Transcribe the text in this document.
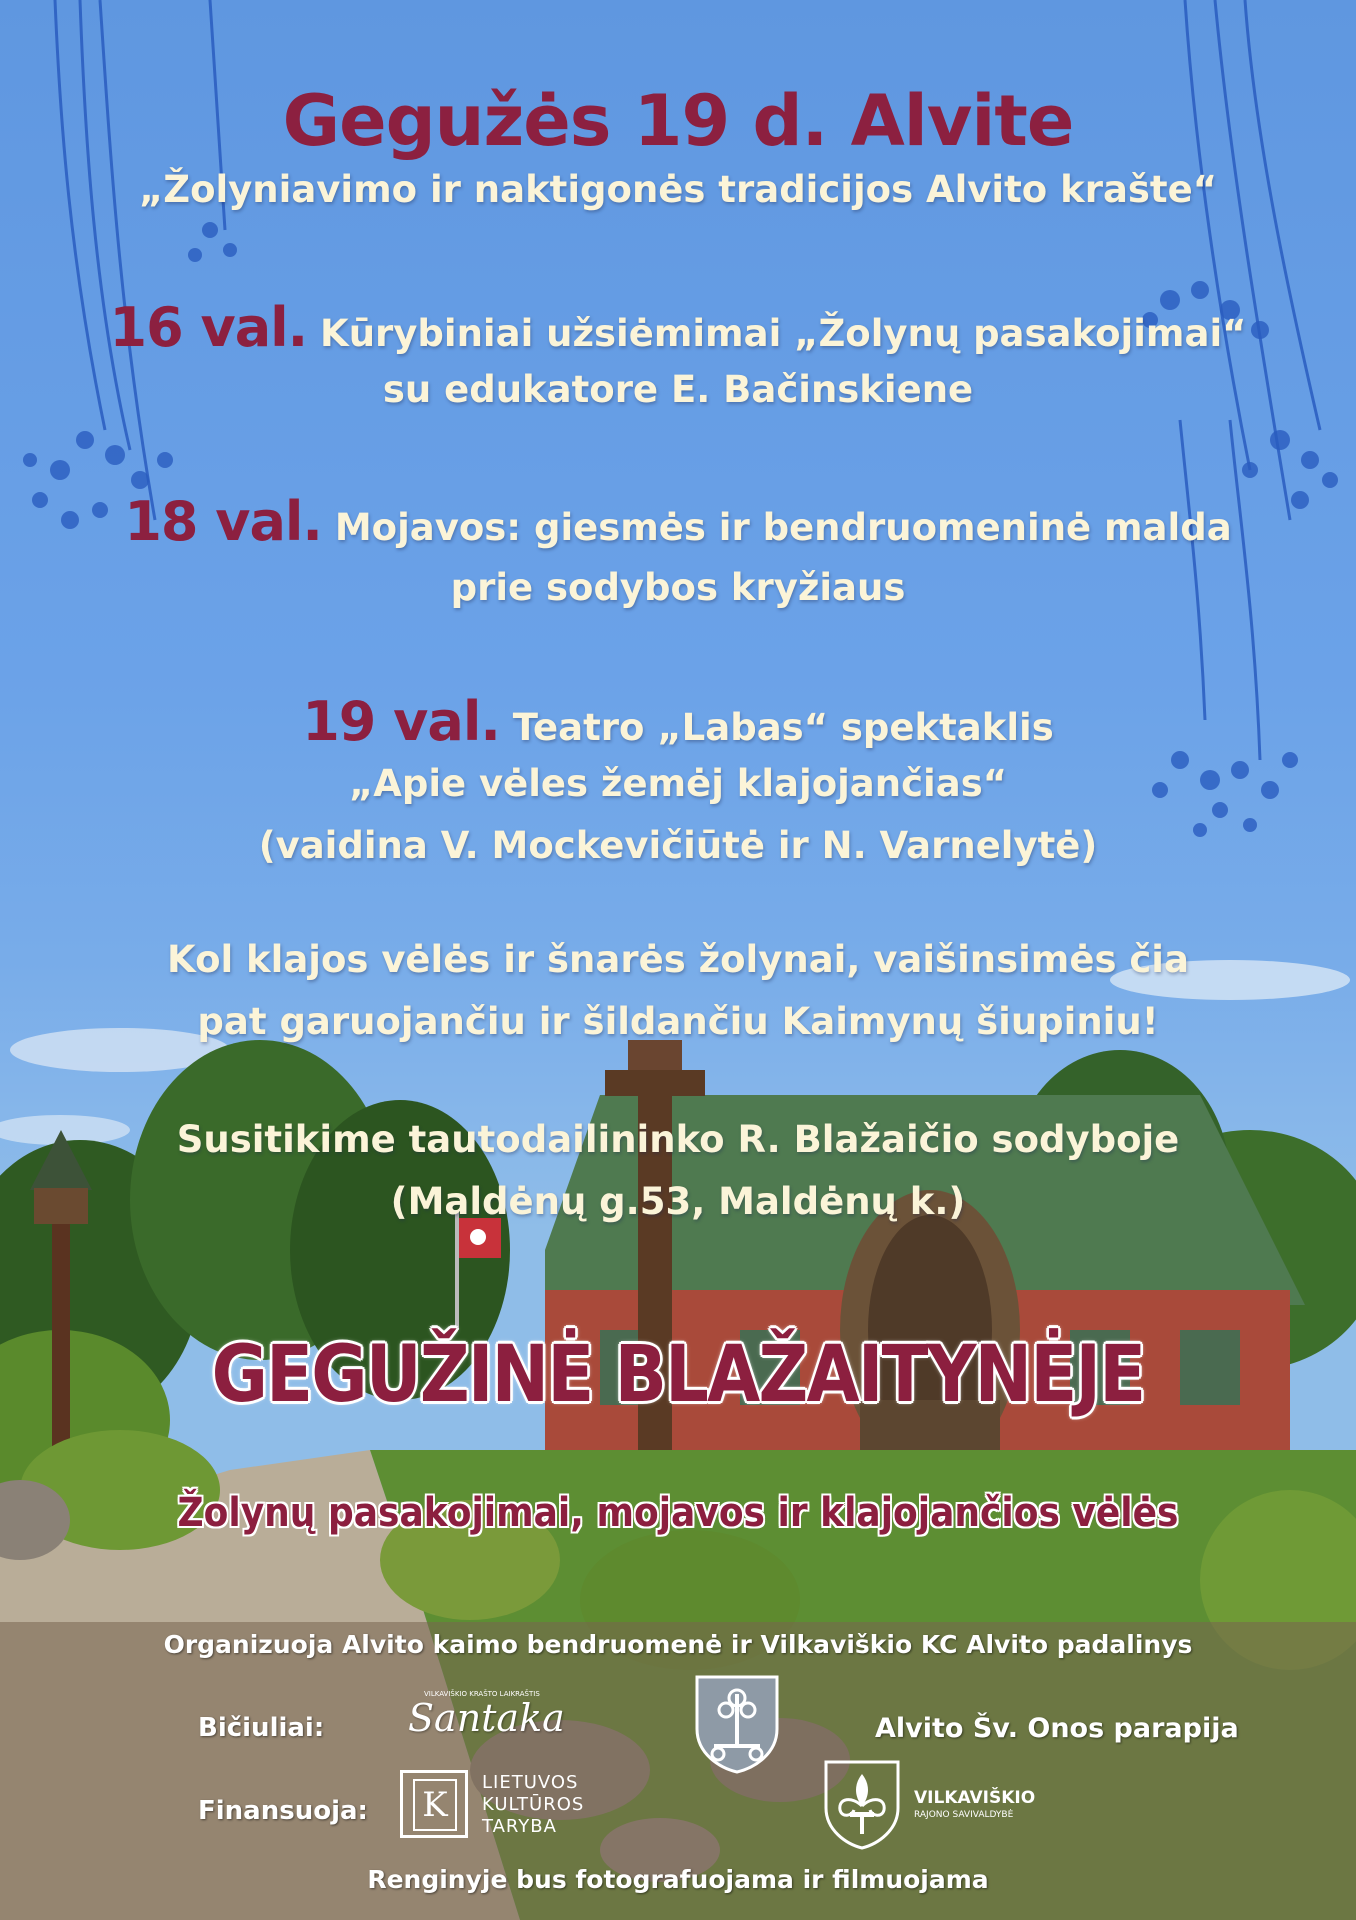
Gegužės 19 d. Alvite
„Žolyniavimo ir naktigonės tradicijos Alvito krašte“
16 val. Kūrybiniai užsiėmimai „Žolynų pasakojimai“
su edukatore E. Bačinskiene
18 val. Mojavos: giesmės ir bendruomeninė malda
prie sodybos kryžiaus
19 val. Teatro „Labas“ spektaklis
„Apie vėles žemėj klajojančias“
(vaidina V. Mockevičiūtė ir N. Varnelytė)
Kol klajos vėlės ir šnarės žolynai, vaišinsimės čia
pat garuojančiu ir šildančiu Kaimynų šiupiniu!
Susitikime tautodailininko R. Blažaičio sodyboje
(Maldėnų g.53, Maldėnų k.)
GEGUŽINĖ BLAŽAITYNĖJE
Žolynų pasakojimai, mojavos ir klajojančios vėlės
Organizuoja Alvito kaimo bendruomenė ir Vilkaviškio KC Alvito padalinys
Bičiuliai:
VILKAVIŠKIO KRAŠTO LAIKRAŠTIS
Santaka	Alvito Šv. Onos parapija
Finansuoja: K
LIETUVOS
KULTŪROS
TARYBA
VILKAVIŠKIO
RAJONO SAVIVALDYBĖ
Renginyje bus fotografuojama ir filmuojama
